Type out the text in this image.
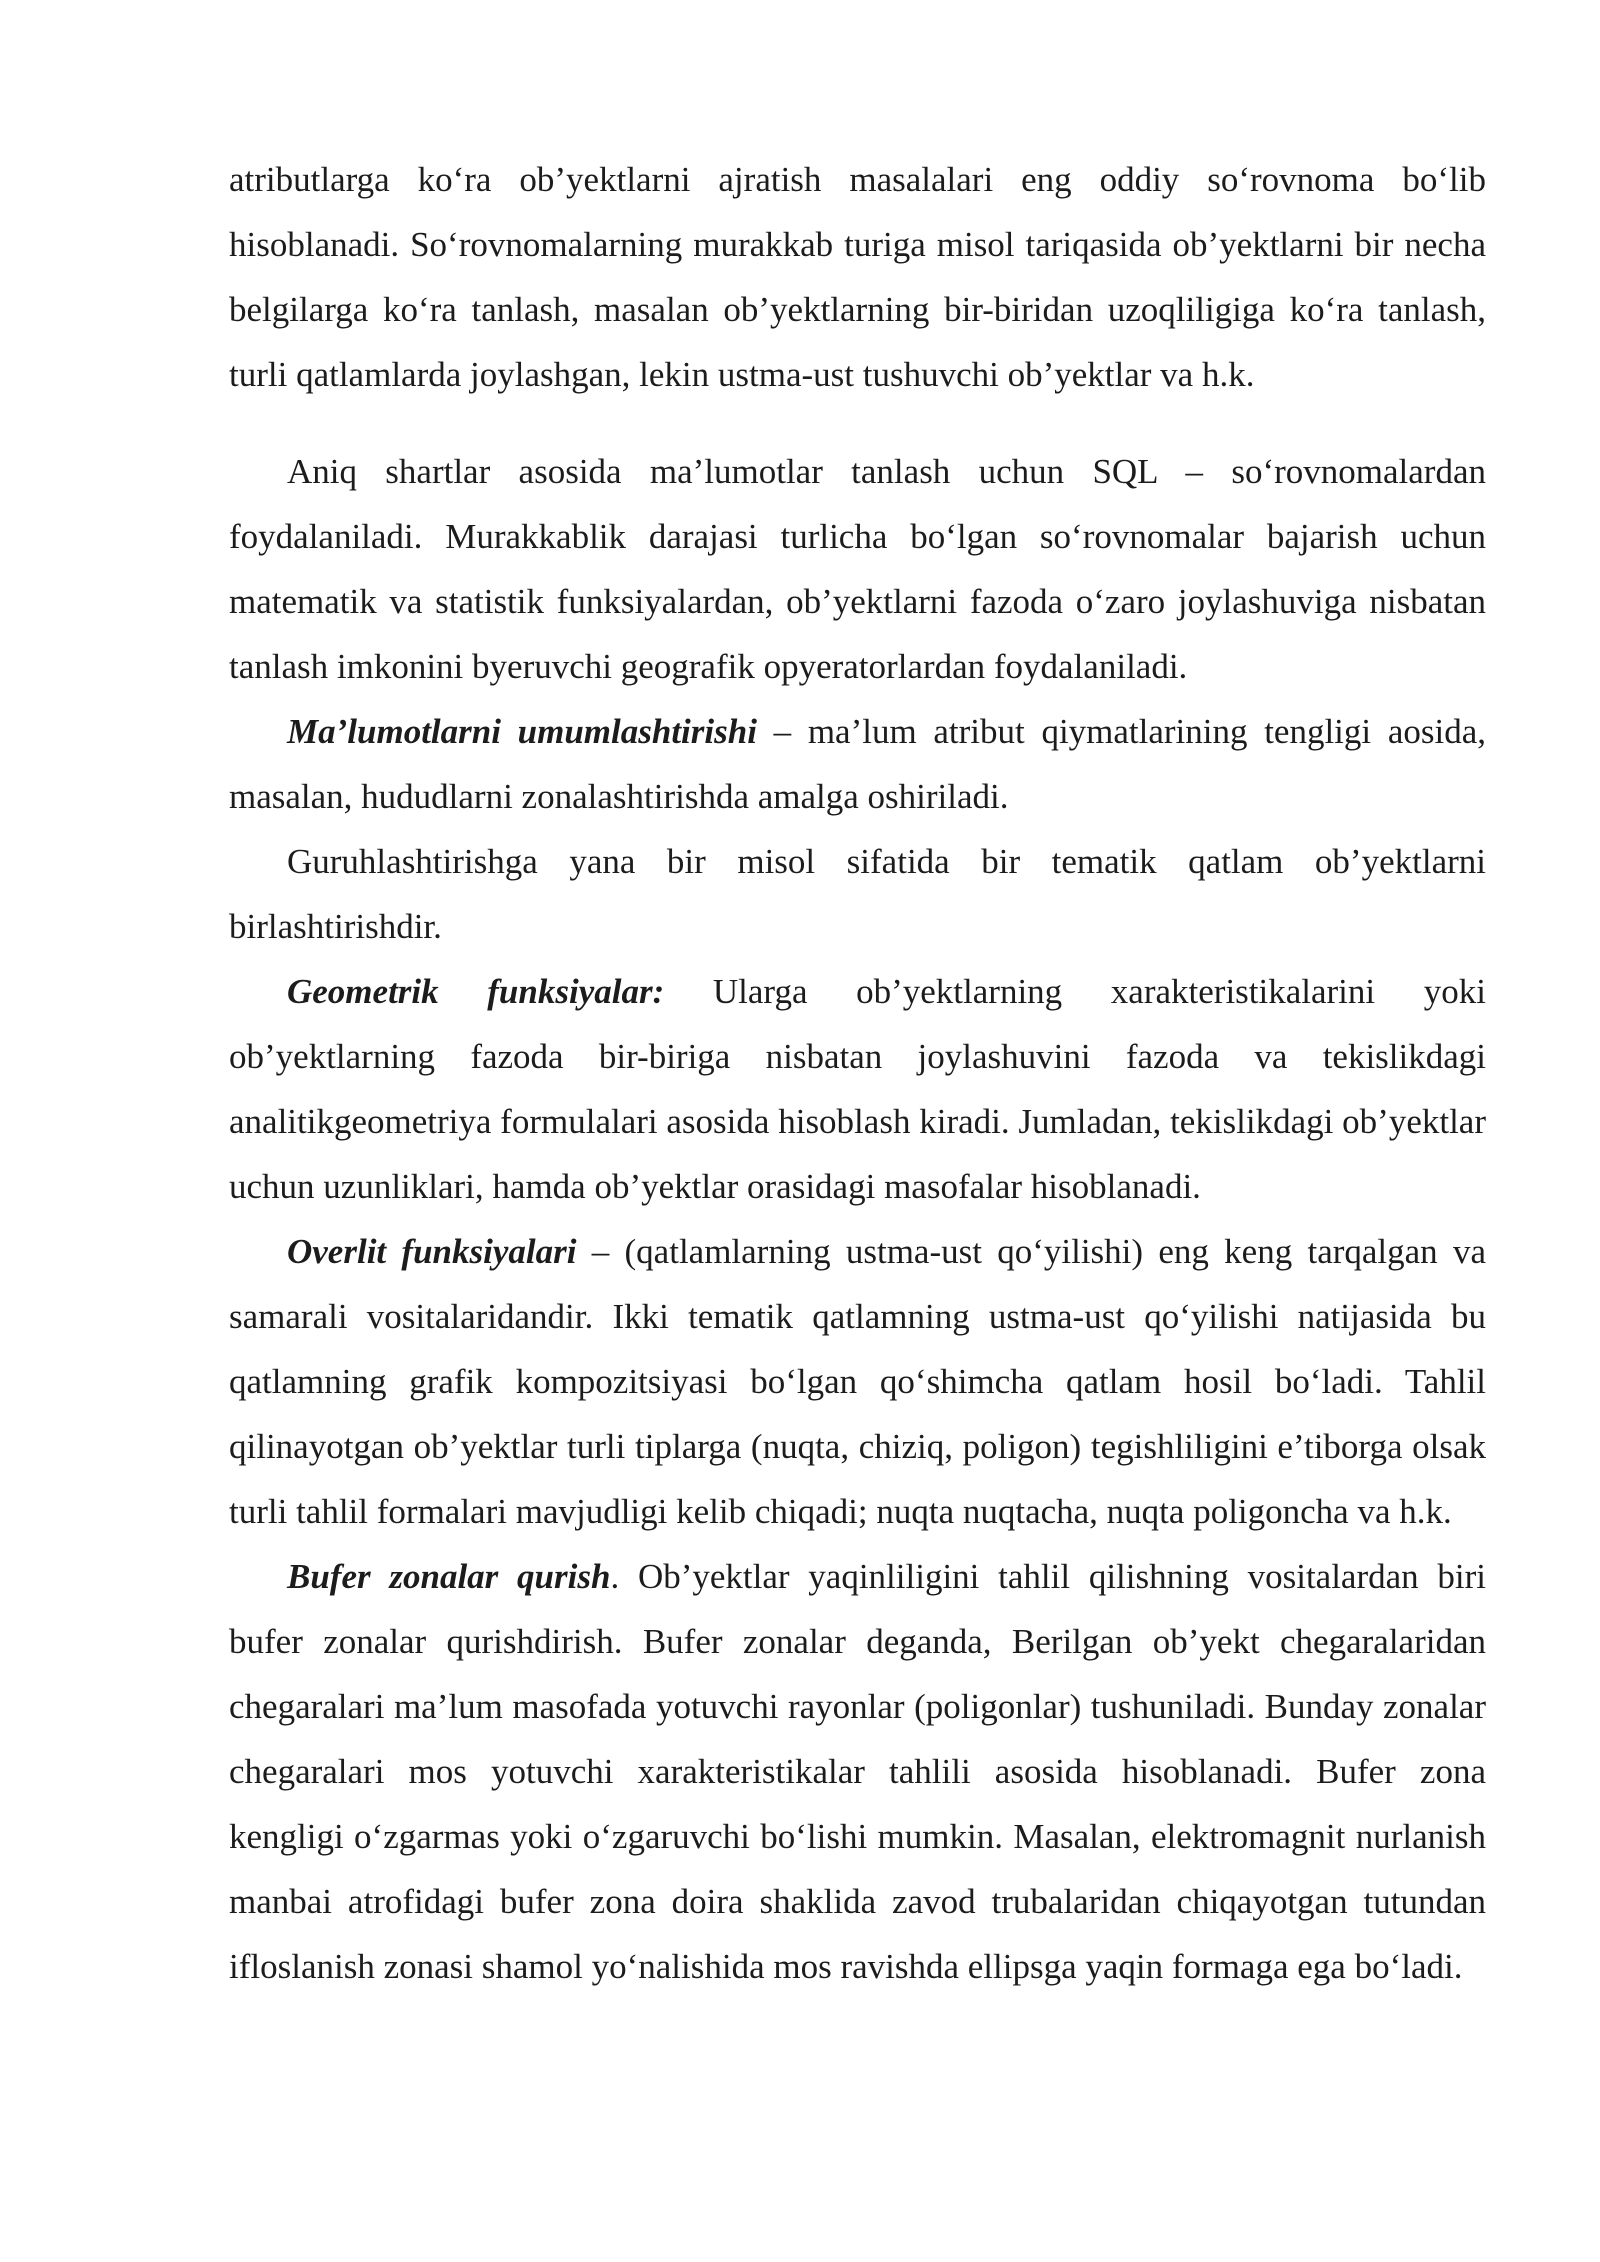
atributlarga ko‘ra ob’yektlarni ajratish masalalari eng oddiy so‘rovnoma bo‘lib hisoblanadi. So‘rovnomalarning murakkab turiga misol tariqasida ob’yektlarni bir necha belgilarga ko‘ra tanlash, masalan ob’yektlarning bir-biridan uzoqliligiga ko‘ra tanlash, turli qatlamlarda joylashgan, lekin ustma-ust tushuvchi ob’yektlar va h.k.

Aniq shartlar asosida ma’lumotlar tanlash uchun SQL – so‘rovnomalardan foydalaniladi. Murakkablik darajasi turlicha bo‘lgan so‘rovnomalar bajarish uchun matematik va statistik funksiyalardan, ob’yektlarni fazoda o‘zaro joylashuviga nisbatan tanlash imkonini byeruvchi geografik opyeratorlardan foydalaniladi.

Ma’lumotlarni umumlashtirishi – ma’lum atribut qiymatlarining tengligi aosida, masalan, hududlarni zonalashtirishda amalga oshiriladi.

Guruhlashtirishga yana bir misol sifatida bir tematik qatlam ob’yektlarni birlashtirishdir.

Geometrik funksiyalar: Ularga ob’yektlarning xarakteristikalarini yoki ob’yektlarning fazoda bir-biriga nisbatan joylashuvini fazoda va tekislikdagi analitikgeometriya formulalari asosida hisoblash kiradi. Jumladan, tekislikdagi ob’yektlar uchun uzunliklari, hamda ob’yektlar orasidagi masofalar hisoblanadi.

Overlit funksiyalari – (qatlamlarning ustma-ust qo‘yilishi) eng keng tarqalgan va samarali vositalaridandir. Ikki tematik qatlamning ustma-ust qo‘yilishi natijasida bu qatlamning grafik kompozitsiyasi bo‘lgan qo‘shimcha qatlam hosil bo‘ladi. Tahlil qilinayotgan ob’yektlar turli tiplarga (nuqta, chiziq, poligon) tegishliligini e’tiborga olsak turli tahlil formalari mavjudligi kelib chiqadi; nuqta nuqtacha, nuqta poligoncha va h.k.

Bufer zonalar qurish. Ob’yektlar yaqinliligini tahlil qilishning vositalardan biri bufer zonalar qurishdirish. Bufer zonalar deganda, Berilgan ob’yekt chegaralaridan chegaralari ma’lum masofada yotuvchi rayonlar (poligonlar) tushuniladi. Bunday zonalar chegaralari mos yotuvchi xarakteristikalar tahlili asosida hisoblanadi. Bufer zona kengligi o‘zgarmas yoki o‘zgaruvchi bo‘lishi mumkin. Masalan, elektromagnit nurlanish manbai atrofidagi bufer zona doira shaklida zavod trubalaridan chiqayotgan tutundan ifloslanish zonasi shamol yo‘nalishida mos ravishda ellipsga yaqin formaga ega bo‘ladi.
